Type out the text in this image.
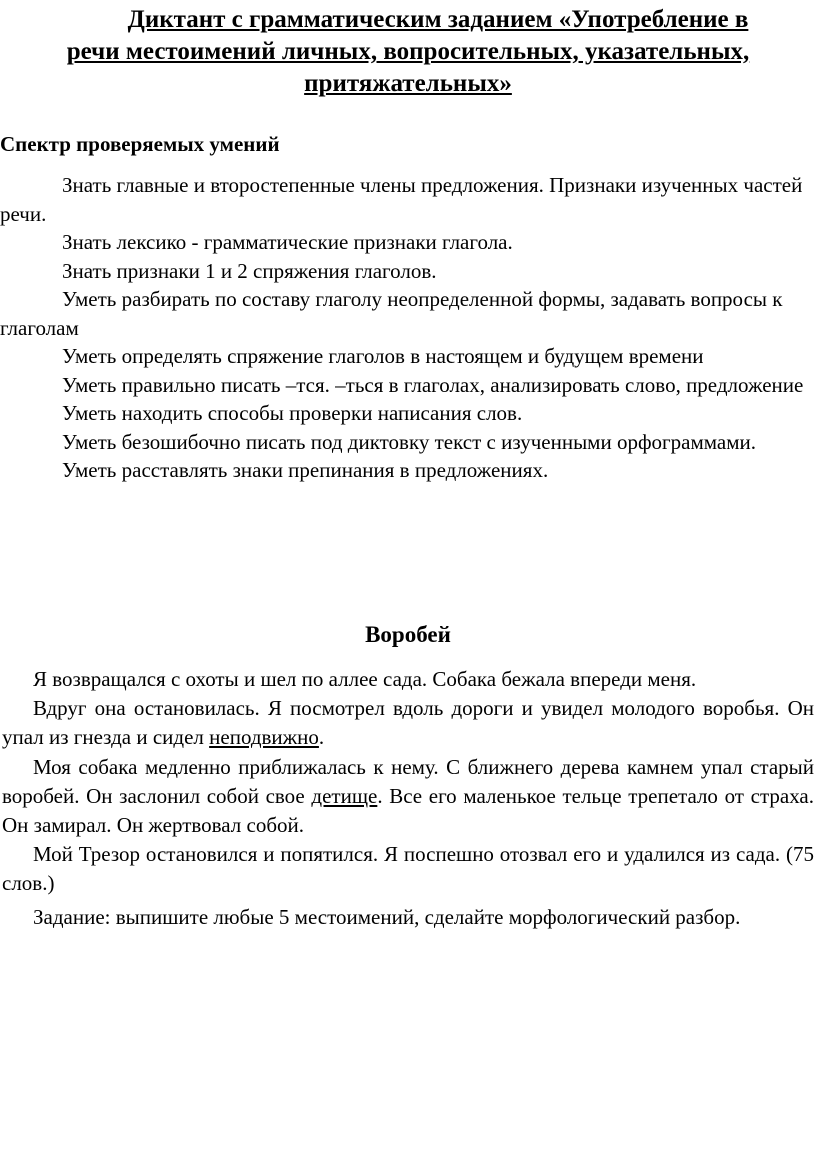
Диктант с грамматическим заданием «Употребление в
речи местоимений личных, вопросительных, указательных,
притяжательных»
Спектр проверяемых умений

Знать главные и второстепенные члены предложения. Признаки изученных частей речи.

Знать лексико - грамматические признаки глагола.

Знать признаки 1 и 2 спряжения глаголов.

Уметь разбирать по составу глаголу неопределенной формы, задавать вопросы к глаголам

Уметь определять спряжение глаголов в настоящем и будущем времени

Уметь правильно писать –тся. –ться в глаголах, анализировать слово, предложение

Уметь находить способы проверки написания слов.

Уметь безошибочно писать под диктовку текст с изученными орфограммами.

Уметь расставлять знаки препинания в предложениях.

Воробей

Я возвращался с охоты и шел по аллее сада. Собака бежала впереди меня.

Вдруг она остановилась. Я посмотрел вдоль дороги и увидел молодого воробья. Он упал из гнезда и сидел неподвижно.

Моя собака медленно приближалась к нему. С ближнего дерева камнем упал старый воробей. Он заслонил собой свое детище. Все его маленькое тельце трепетало от страха. Он замирал. Он жертвовал собой.

Мой Трезор остановился и попятился. Я поспешно отозвал его и удалился из сада. (75 слов.)

Задание: выпишите любые 5 местоимений, сделайте морфологический разбор.
